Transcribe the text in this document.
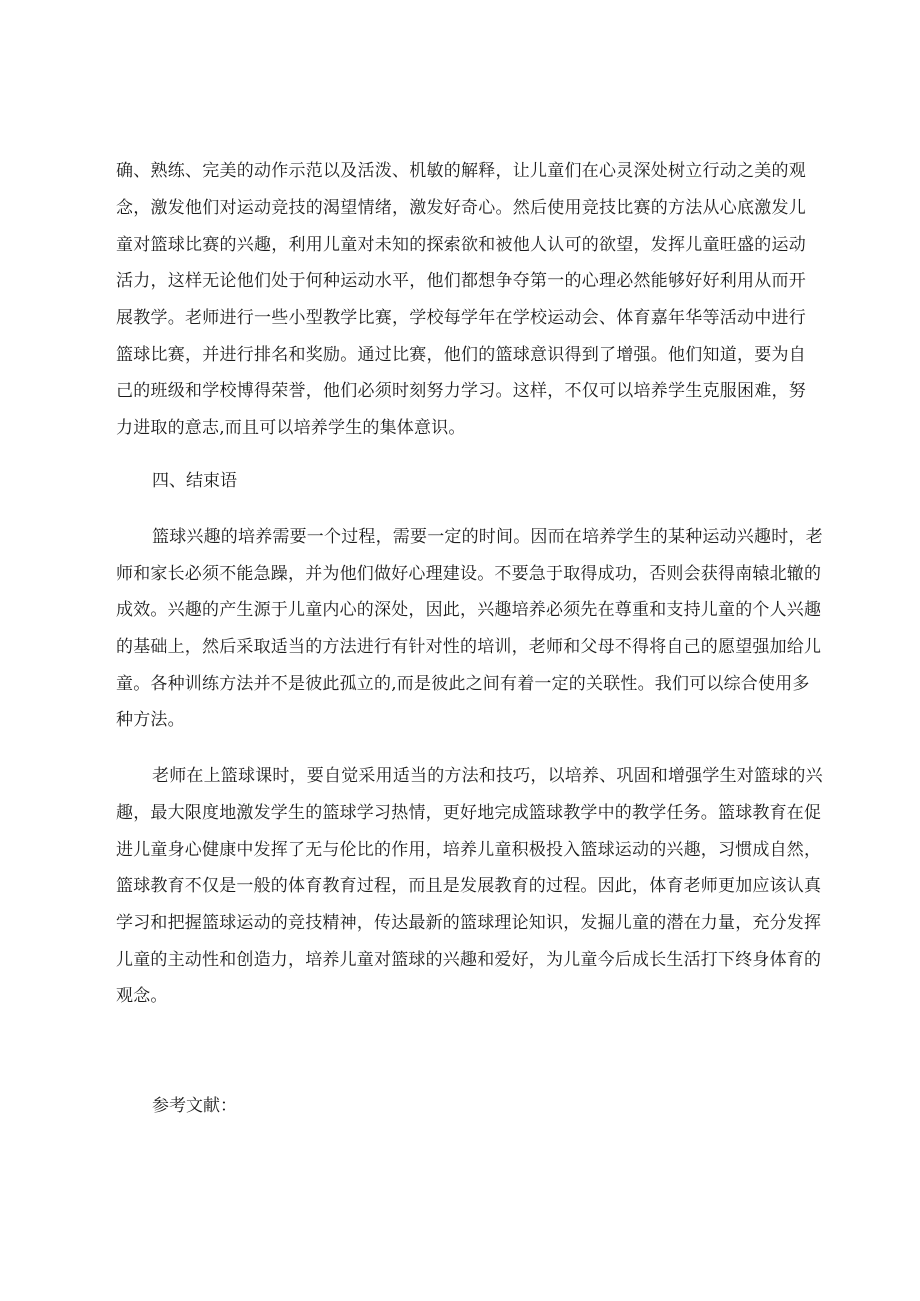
确、熟练、完美的动作示范以及活泼、机敏的解释，让儿童们在心灵深处树立行动之美的观
念，激发他们对运动竞技的渴望情绪，激发好奇心。然后使用竞技比赛的方法从心底激发儿
童对篮球比赛的兴趣，利用儿童对未知的探索欲和被他人认可的欲望，发挥儿童旺盛的运动
活力，这样无论他们处于何种运动水平，他们都想争夺第一的心理必然能够好好利用从而开
展教学。老师进行一些小型教学比赛，学校每学年在学校运动会、体育嘉年华等活动中进行
篮球比赛，并进行排名和奖励。通过比赛，他们的篮球意识得到了增强。他们知道，要为自
己的班级和学校博得荣誉，他们必须时刻努力学习。这样，不仅可以培养学生克服困难，努
力进取的意志,而且可以培养学生的集体意识。
四、结束语
篮球兴趣的培养需要一个过程，需要一定的时间。因而在培养学生的某种运动兴趣时，老
师和家长必须不能急躁，并为他们做好心理建设。不要急于取得成功，否则会获得南辕北辙的
成效。兴趣的产生源于儿童内心的深处，因此，兴趣培养必须先在尊重和支持儿童的个人兴趣
的基础上，然后采取适当的方法进行有针对性的培训，老师和父母不得将自己的愿望强加给儿
童。各种训练方法并不是彼此孤立的,而是彼此之间有着一定的关联性。我们可以综合使用多
种方法。
老师在上篮球课时，要自觉采用适当的方法和技巧，以培养、巩固和增强学生对篮球的兴
趣，最大限度地激发学生的篮球学习热情，更好地完成篮球教学中的教学任务。篮球教育在促
进儿童身心健康中发挥了无与伦比的作用，培养儿童积极投入篮球运动的兴趣，习惯成自然，
篮球教育不仅是一般的体育教育过程，而且是发展教育的过程。因此，体育老师更加应该认真
学习和把握篮球运动的竞技精神，传达最新的篮球理论知识，发掘儿童的潜在力量，充分发挥
儿童的主动性和创造力，培养儿童对篮球的兴趣和爱好，为儿童今后成长生活打下终身体育的
观念。
参考文献：
